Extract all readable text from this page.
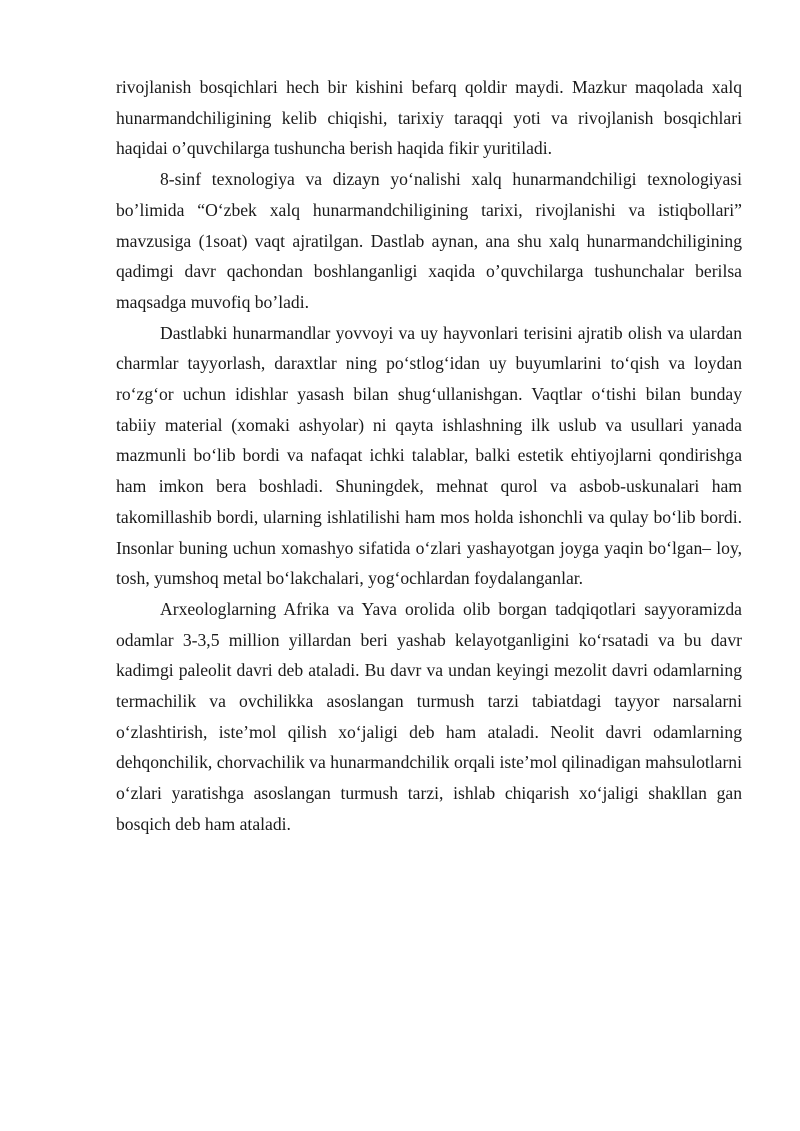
rivojlanish bosqichlari hech bir kishini befarq qoldir maydi. Mazkur maqolada xalq hunarmandchiligining kelib chiqishi, tarixiy taraqqi yoti va rivojlanish bosqichlari haqidai o’quvchilarga tushuncha berish haqida fikir yuritiladi.

8-sinf texnologiya va dizayn yo‘nalishi xalq hunarmandchiligi texnologiyasi bo’limida “O‘zbek xalq hunarmandchiligining tarixi, rivojlanishi va istiqbollari” mavzusiga (1soat) vaqt ajratilgan. Dastlab aynan, ana shu xalq hunarmandchiligining qadimgi davr qachondan boshlanganligi xaqida o’quvchilarga tushunchalar berilsa maqsadga muvofiq bo’ladi.

Dastlabki hunarmandlar yovvoyi va uy hayvonlari terisini ajratib olish va ulardan charmlar tayyorlash, daraxtlar ning po‘stlog‘idan uy buyumlarini to‘qish va loydan ro‘zg‘or uchun idishlar yasash bilan shug‘ullanishgan. Vaqtlar o‘tishi bilan bunday tabiiy material (xomaki ashyolar) ni qayta ishlashning ilk uslub va usullari yanada mazmunli bo‘lib bordi va nafaqat ichki talablar, balki estetik ehtiyojlarni qondirishga ham imkon bera boshladi. Shuningdek, mehnat qurol va asbob-uskunalari ham takomillashib bordi, ularning ishlatilishi ham mos holda ishonchli va qulay bo‘lib bordi. Insonlar buning uchun xomashyo sifatida o‘zlari yashayotgan joyga yaqin bo‘lgan– loy, tosh, yumshoq metal bo‘lakchalari, yog‘ochlardan foydalanganlar.

Arxeologlarning Afrika va Yava orolida olib borgan tadqiqotlari sayyoramizda odamlar 3-3,5 million yillardan beri yashab kelayotganligini ko‘rsatadi va bu davr kadimgi paleolit davri deb ataladi. Bu davr va undan keyingi mezolit davri odamlarning termachilik va ovchilikka asoslangan turmush tarzi tabiatdagi tayyor narsalarni o‘zlashtirish, iste’mol qilish xo‘jaligi deb ham ataladi. Neolit davri odamlarning dehqonchilik, chorvachilik va hunarmandchilik orqali iste’mol qilinadigan mahsulotlarni o‘zlari yaratishga asoslangan turmush tarzi, ishlab chiqarish xo‘jaligi shakllan gan bosqich deb ham ataladi.
